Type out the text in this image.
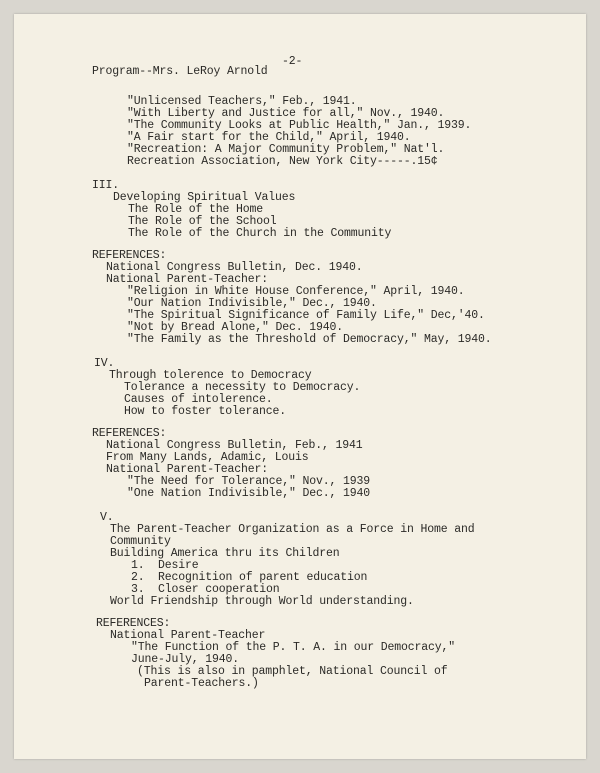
-2-
Program--Mrs. LeRoy Arnold
"Unlicensed Teachers," Feb., 1941.
"With Liberty and Justice for all," Nov., 1940.
"The Community Looks at Public Health," Jan., 1939.
"A Fair start for the Child," April, 1940.
"Recreation: A Major Community Problem," Nat'l.
Recreation Association, New York City-----.15¢
III.
Developing Spiritual Values
The Role of the Home
The Role of the School
The Role of the Church in the Community
REFERENCES:
National Congress Bulletin, Dec. 1940.
National Parent-Teacher:
"Religion in White House Conference," April, 1940.
"Our Nation Indivisible," Dec., 1940.
"The Spiritual Significance of Family Life," Dec,'40.
"Not by Bread Alone," Dec. 1940.
"The Family as the Threshold of Democracy," May, 1940.
IV.
Through tolerence to Democracy
Tolerance a necessity to Democracy.
Causes of intolerence.
How to foster tolerance.
REFERENCES:
National Congress Bulletin, Feb., 1941
From Many Lands, Adamic, Louis
National Parent-Teacher:
"The Need for Tolerance," Nov., 1939
"One Nation Indivisible," Dec., 1940
V.
The Parent-Teacher Organization as a Force in Home and
Community
Building America thru its Children
1.  Desire
2.  Recognition of parent education
3.  Closer cooperation
World Friendship through World understanding.
REFERENCES:
National Parent-Teacher
"The Function of the P. T. A. in our Democracy,"
June-July, 1940.
(This is also in pamphlet, National Council of
Parent-Teachers.)
